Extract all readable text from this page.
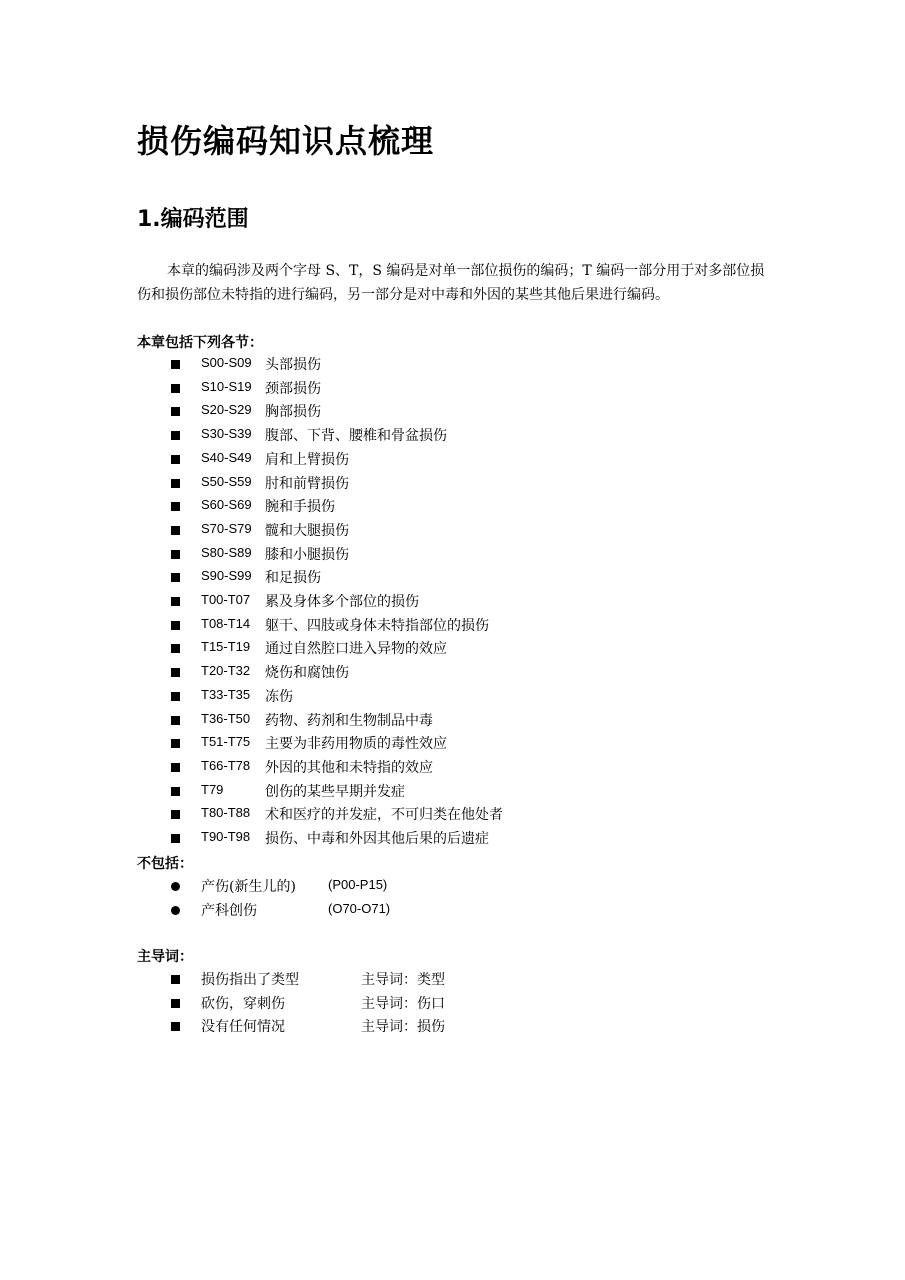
损伤编码知识点梳理
1.编码范围
本章的编码涉及两个字母 S、T，S 编码是对单一部位损伤的编码；T 编码一部分用于对多部位损伤和损伤部位未特指的进行编码，另一部分是对中毒和外因的某些其他后果进行编码。
本章包括下列各节：
S00-S09 头部损伤
S10-S19 颈部损伤
S20-S29 胸部损伤
S30-S39 腹部、下背、腰椎和骨盆损伤
S40-S49 肩和上臂损伤
S50-S59 肘和前臂损伤
S60-S69 腕和手损伤
S70-S79 髋和大腿损伤
S80-S89 膝和小腿损伤
S90-S99 和足损伤
T00-T07 累及身体多个部位的损伤
T08-T14 躯干、四肢或身体未特指部位的损伤
T15-T19 通过自然腔口进入异物的效应
T20-T32 烧伤和腐蚀伤
T33-T35 冻伤
T36-T50 药物、药剂和生物制品中毒
T51-T75 主要为非药用物质的毒性效应
T66-T78 外因的其他和未特指的效应
T79	创伤的某些早期并发症
T80-T88 术和医疗的并发症，不可归类在他处者
T90-T98 损伤、中毒和外因其他后果的后遗症
不包括：
产伤(新生儿的) (P00-P15)
产科创伤	(O70-O71)
主导词：
损伤指出了类型	主导词：类型
砍伤，穿刺伤	主导词：伤口
没有任何情况	主导词：损伤
